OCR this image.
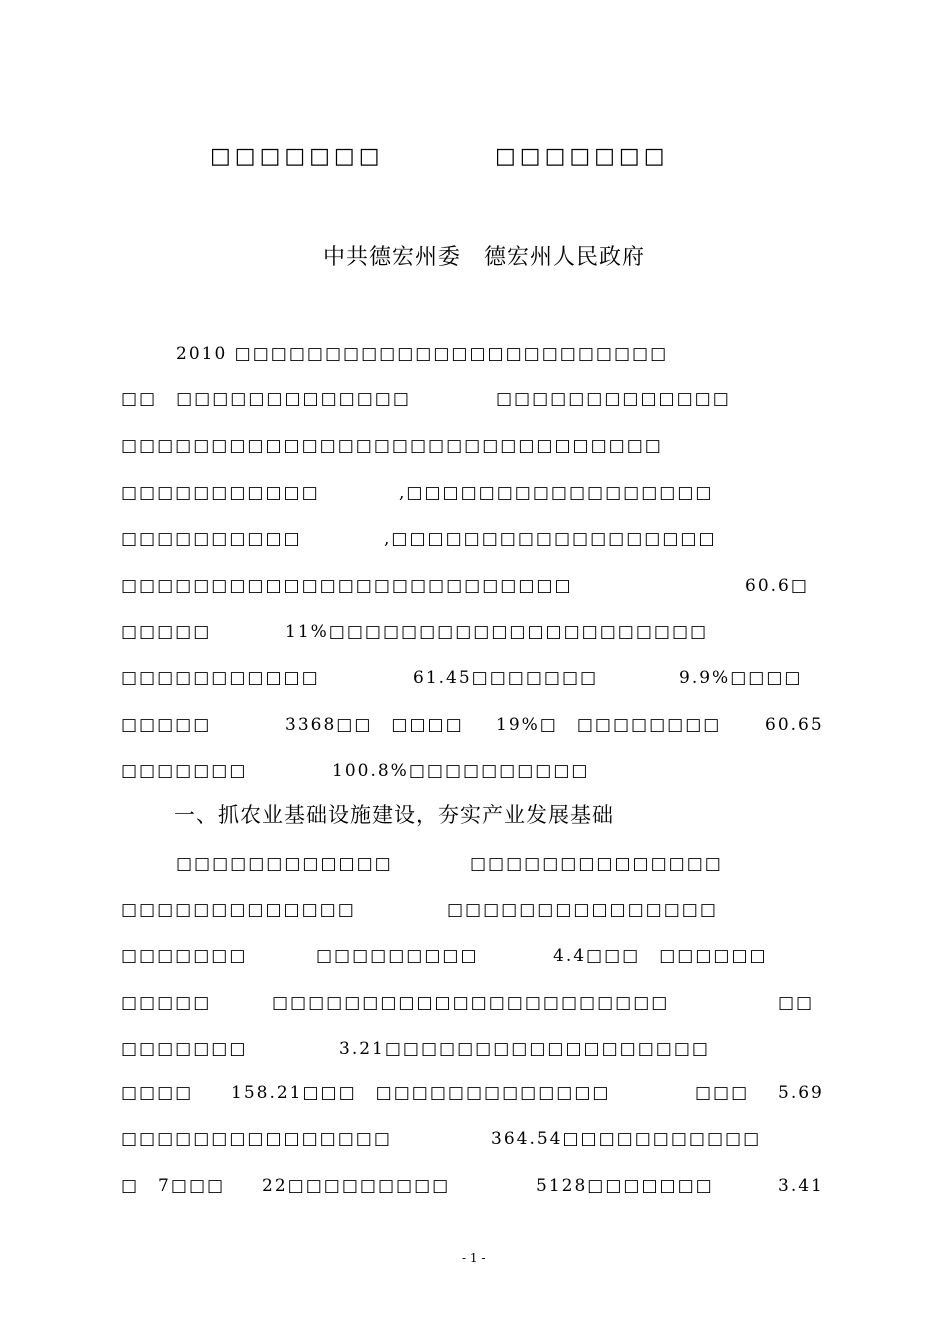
□□□□□□□	□□□□□□□
中共德宏州委　德宏州人民政府
2010 □□□□□□□□□□□□□□□□□□□□□□□□
□□　□□□□□□□□□□□□□	□□□□□□□□□□□□□
□□□□□□□□□□□□□□□□□□□□□□□□□□□□□□
□□□□□□□□□□□	,□□□□□□□□□□□□□□□□□
□□□□□□□□□□	,□□□□□□□□□□□□□□□□□□
□□□□□□□□□□□□□□□□□□□□□□□□□	60.6□
□□□□□	11%□□□□□□□□□□□□□□□□□□□□□
□□□□□□□□□□□	61.45□□□□□□□	9.9%□□□□
□□□□□	3368□□　□□□□ 19%□　□□□□□□□□	60.65
□□□□□□□	100.8%□□□□□□□□□□
一、抓农业基础设施建设，夯实产业发展基础
□□□□□□□□□□□□	□□□□□□□□□□□□□□
□□□□□□□□□□□□□	□□□□□□□□□□□□□□□
□□□□□□□	□□□□□□□□□	4.4□□□　□□□□□□
□□□□□	□□□□□□□□□□□□□□□□□□□□□□	□□
□□□□□□□	3.21□□□□□□□□□□□□□□□□□□
□□□□ 158.21□□□　□□□□□□□□□□□□□	□□□ 5.69
□□□□□□□□□□□□□□□	364.54□□□□□□□□□□□
□　7□□□ 22□□□□□□□□□	5128□□□□□□□	3.41
- 1 -
